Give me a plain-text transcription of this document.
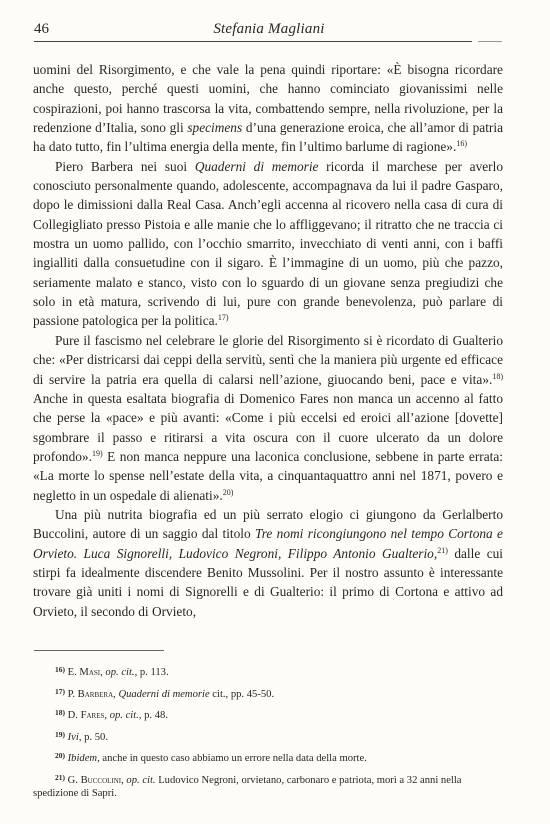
46	Stefania Magliani

uomini del Risorgimento, e che vale la pena quindi riportare: «È bisogna ricordare anche questo, perché questi uomini, che hanno cominciato giovanissimi nelle cospirazioni, poi hanno trascorsa la vita, combattendo sempre, nella rivoluzione, per la redenzione d’Italia, sono gli specimens d’una generazione eroica, che all’amor di patria ha dato tutto, fin l’ultima energia della mente, fin l’ultimo barlume di ragione».$^{16)}$

Piero Barbera nei suoi Quaderni di memorie ricorda il marchese per averlo conosciuto personalmente quando, adolescente, accompagnava da lui il padre Gasparo, dopo le dimissioni dalla Real Casa. Anch’egli accenna al ricovero nella casa di cura di Collegigliato presso Pistoia e alle manie che lo affliggevano; il ritratto che ne traccia ci mostra un uomo pallido, con l’occhio smarrito, invecchiato di venti anni, con i baffi ingialliti dalla consuetudine con il sigaro. È l’immagine di un uomo, più che pazzo, seriamente malato e stanco, visto con lo sguardo di un giovane senza pregiudizi che solo in età matura, scrivendo di lui, pure con grande benevolenza, può parlare di passione patologica per la politica.$^{17)}$

Pure il fascismo nel celebrare le glorie del Risorgimento si è ricordato di Gualterio che: «Per districarsi dai ceppi della servitù, sentì che la maniera più urgente ed efficace di servire la patria era quella di calarsi nell’azione, giuocando beni, pace e vita».$^{18)}$ Anche in questa esaltata biografia di Domenico Fares non manca un accenno al fatto che perse la «pace» e più avanti: «Come i più eccelsi ed eroici all’azione [dovette] sgombrare il passo e ritirarsi a vita oscura con il cuore ulcerato da un dolore profondo».$^{19)}$ E non manca neppure una laconica conclusione, sebbene in parte errata: «La morte lo spense nell’estate della vita, a cinquantaquattro anni nel 1871, povero e negletto in un ospedale di alienati».$^{20)}$

Una più nutrita biografia ed un più serrato elogio ci giungono da Gerlalberto Buccolini, autore di un saggio dal titolo Tre nomi ricongiungono nel tempo Cortona e Orvieto. Luca Signorelli, Ludovico Negroni, Filippo Antonio Gualterio,$^{21)}$ dalle cui stirpi fa idealmente discendere Benito Mussolini. Per il nostro assunto è interessante trovare già uniti i nomi di Signorelli e di Gualterio: il primo di Cortona e attivo ad Orvieto, il secondo di Orvieto,

$^{16)}$ E. Masi, op. cit., p. 113.

$^{17)}$ P. Barbera, Quaderni di memorie cit., pp. 45-50.

$^{18)}$ D. Fares, op. cit., p. 48.

$^{19)}$ Ivi, p. 50.

$^{20)}$ Ibidem, anche in questo caso abbiamo un errore nella data della morte.

$^{21)}$ G. Buccolini, op. cit. Ludovico Negroni, orvietano, carbonaro e patriota, morì a 32 anni nella spedizione di Sapri.
